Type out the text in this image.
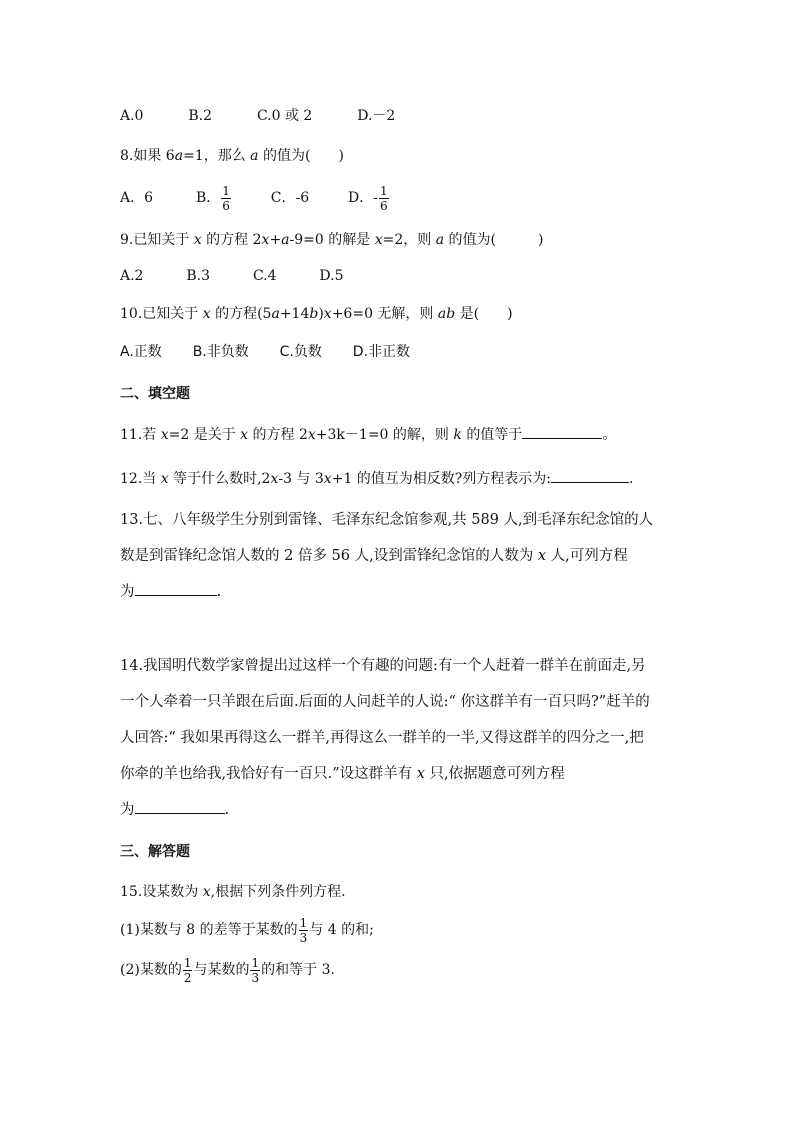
A.0	B.2	C.0 或 2	D.－2
8.如果 6a=1，那么 a 的值为(　　)
A．6	B． $\frac{1}{6}$	C．-6	D．- $\frac{1}{6}$
9.已知关于 x 的方程 2x+a-9=0 的解是 x=2，则 a 的值为(　　　)
A.2	B.3	C.4	D.5
10.已知关于 x 的方程(5a+14b)x+6=0 无解，则 ab 是(　　)
A.正数 B.非负数 C.负数 D.非正数
二、填空题
11.若 x=2 是关于 x 的方程 2x+3k－1=0 的解，则 k 的值等于	。
12.当 x 等于什么数时,2x-3 与 3x+1 的值互为相反数?列方程表示为:	.
13.七、八年级学生分别到雷锋、毛泽东纪念馆参观,共 589 人,到毛泽东纪念馆的人
数是到雷锋纪念馆人数的 2 倍多 56 人,设到雷锋纪念馆的人数为 x 人,可列方程
为	.
14.我国明代数学家曾提出过这样一个有趣的问题:有一个人赶着一群羊在前面走,另
一个人牵着一只羊跟在后面.后面的人问赶羊的人说:“ 你这群羊有一百只吗?”赶羊的
人回答:“ 我如果再得这么一群羊,再得这么一群羊的一半,又得这群羊的四分之一,把
你牵的羊也给我,我恰好有一百只.”设这群羊有 x 只,依据题意可列方程
为	.
三、解答题
15.设某数为 x,根据下列条件列方程.
(1)某数与 8 的差等于某数的 $\frac{1}{3}$ 与 4 的和;
(2)某数的 $\frac{1}{2}$ 与某数的 $\frac{1}{3}$ 的和等于 3.
